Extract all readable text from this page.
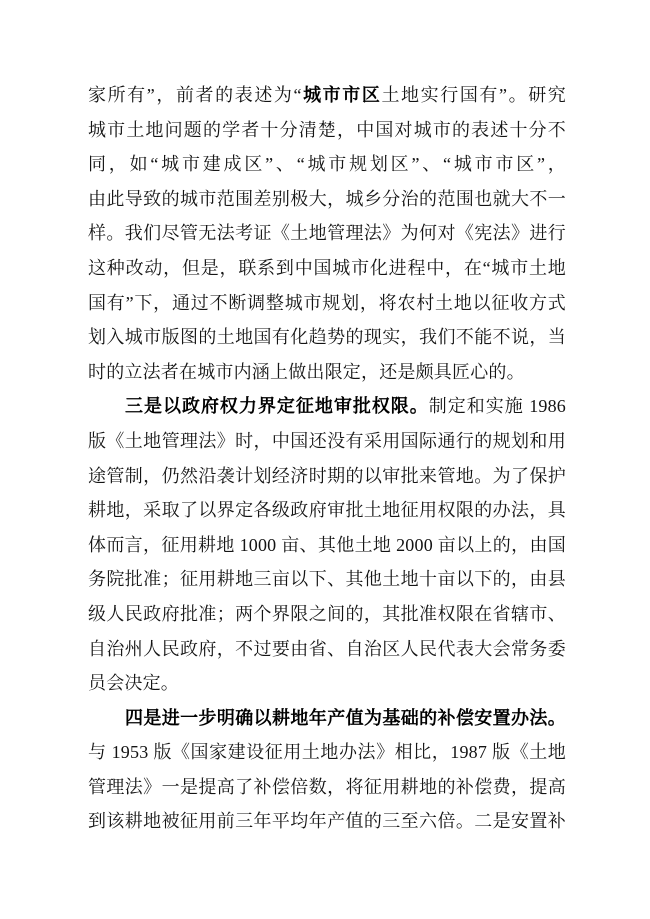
家所有”，前者的表述为“城市市区土地实行国有”。研究
城市土地问题的学者十分清楚，中国对城市的表述十分不
同，如“城市建成区”、“城市规划区”、“城市市区”，
由此导致的城市范围差别极大，城乡分治的范围也就大不一
样。我们尽管无法考证《土地管理法》为何对《宪法》进行
这种改动，但是，联系到中国城市化进程中，在“城市土地
国有”下，通过不断调整城市规划，将农村土地以征收方式
划入城市版图的土地国有化趋势的现实，我们不能不说，当
时的立法者在城市内涵上做出限定，还是颇具匠心的。
三是以政府权力界定征地审批权限。制定和实施 1986
版《土地管理法》时，中国还没有采用国际通行的规划和用
途管制，仍然沿袭计划经济时期的以审批来管地。为了保护
耕地，采取了以界定各级政府审批土地征用权限的办法，具
体而言，征用耕地 1000 亩、其他土地 2000 亩以上的，由国
务院批准；征用耕地三亩以下、其他土地十亩以下的，由县
级人民政府批准；两个界限之间的，其批准权限在省辖市、
自治州人民政府，不过要由省、自治区人民代表大会常务委
员会决定。
四是进一步明确以耕地年产值为基础的补偿安置办法。
与 1953 版《国家建设征用土地办法》相比，1987 版《土地
管理法》一是提高了补偿倍数，将征用耕地的补偿费，提高
到该耕地被征用前三年平均年产值的三至六倍。二是安置补
